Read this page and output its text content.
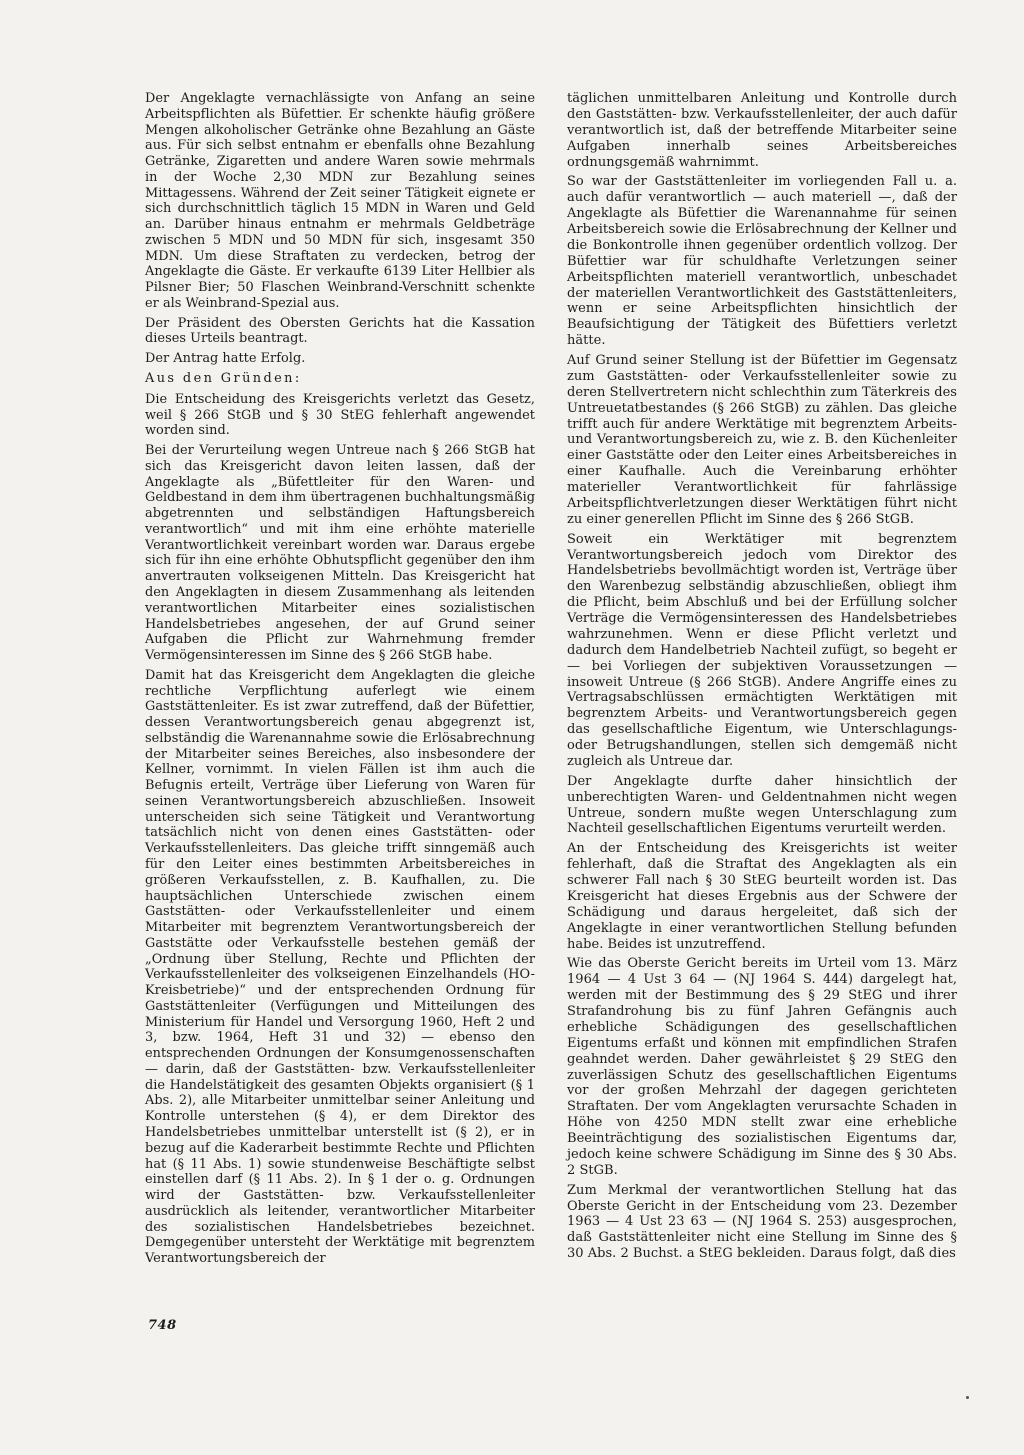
Der Angeklagte vernachlässigte von Anfang an seine Arbeitspflichten als Büfettier. Er schenkte häufig größere Mengen alkoholischer Getränke ohne Bezahlung an Gäste aus. Für sich selbst entnahm er ebenfalls ohne Bezahlung Getränke, Zigaretten und andere Waren sowie mehrmals in der Woche 2,30 MDN zur Bezahlung seines Mittagessens. Während der Zeit seiner Tätigkeit eignete er sich durchschnittlich täglich 15 MDN in Waren und Geld an. Darüber hinaus entnahm er mehrmals Geldbeträge zwischen 5 MDN und 50 MDN für sich, insgesamt 350 MDN. Um diese Straftaten zu verdecken, betrog der Angeklagte die Gäste. Er verkaufte 6139 Liter Hellbier als Pilsner Bier; 50 Flaschen Weinbrand-Verschnitt schenkte er als Weinbrand-Spezial aus.

Der Präsident des Obersten Gerichts hat die Kassation dieses Urteils beantragt.

Der Antrag hatte Erfolg.

Aus den Gründen:

Die Entscheidung des Kreisgerichts verletzt das Gesetz, weil § 266 StGB und § 30 StEG fehlerhaft angewendet worden sind.

Bei der Verurteilung wegen Untreue nach § 266 StGB hat sich das Kreisgericht davon leiten lassen, daß der Angeklagte als „Büfettleiter für den Waren- und Geldbestand in dem ihm übertragenen buchhaltungsmäßig abgetrennten und selbständigen Haftungsbereich verantwortlich“ und mit ihm eine erhöhte materielle Verantwortlichkeit vereinbart worden war. Daraus ergebe sich für ihn eine erhöhte Obhutspflicht gegenüber den ihm anvertrauten volkseigenen Mitteln. Das Kreisgericht hat den Angeklagten in diesem Zusammenhang als leitenden verantwortlichen Mitarbeiter eines sozialistischen Handelsbetriebes angesehen, der auf Grund seiner Aufgaben die Pflicht zur Wahrnehmung fremder Vermögensinteressen im Sinne des § 266 StGB habe.

Damit hat das Kreisgericht dem Angeklagten die gleiche rechtliche Verpflichtung auferlegt wie einem Gaststättenleiter. Es ist zwar zutreffend, daß der Büfettier, dessen Verantwortungsbereich genau abgegrenzt ist, selbständig die Warenannahme sowie die Erlösabrechnung der Mitarbeiter seines Bereiches, also insbesondere der Kellner, vornimmt. In vielen Fällen ist ihm auch die Befugnis erteilt, Verträge über Lieferung von Waren für seinen Verantwortungsbereich abzuschließen. Insoweit unterscheiden sich seine Tätigkeit und Verantwortung tatsächlich nicht von denen eines Gaststätten- oder Verkaufsstellenleiters. Das gleiche trifft sinngemäß auch für den Leiter eines bestimmten Arbeitsbereiches in größeren Verkaufsstellen, z. B. Kaufhallen, zu. Die hauptsächlichen Unterschiede zwischen einem Gaststätten- oder Verkaufsstellenleiter und einem Mitarbeiter mit begrenztem Verantwortungsbereich der Gaststätte oder Verkaufsstelle bestehen gemäß der „Ordnung über Stellung, Rechte und Pflichten der Verkaufsstellenleiter des volkseigenen Einzelhandels (HO-Kreisbetriebe)“ und der entsprechenden Ordnung für Gaststättenleiter (Verfügungen und Mitteilungen des Ministerium für Handel und Versorgung 1960, Heft 2 und 3, bzw. 1964, Heft 31 und 32) — ebenso den entsprechenden Ordnungen der Konsumgenossenschaften — darin, daß der Gaststätten- bzw. Verkaufsstellenleiter die Handelstätigkeit des gesamten Objekts organisiert (§ 1 Abs. 2), alle Mitarbeiter unmittelbar seiner Anleitung und Kontrolle unterstehen (§ 4), er dem Direktor des Handelsbetriebes unmittelbar unterstellt ist (§ 2), er in bezug auf die Kaderarbeit bestimmte Rechte und Pflichten hat (§ 11 Abs. 1) sowie stundenweise Beschäftigte selbst einstellen darf (§ 11 Abs. 2). In § 1 der o. g. Ordnungen wird der Gaststätten- bzw. Verkaufsstellenleiter ausdrücklich als leitender, verantwortlicher Mitarbeiter des sozialistischen Handelsbetriebes bezeichnet. Demgegenüber untersteht der Werktätige mit begrenztem Verantwortungsbereich der

täglichen unmittelbaren Anleitung und Kontrolle durch den Gaststätten- bzw. Verkaufsstellenleiter, der auch dafür verantwortlich ist, daß der betreffende Mitarbeiter seine Aufgaben innerhalb seines Arbeitsbereiches ordnungsgemäß wahrnimmt.

So war der Gaststättenleiter im vorliegenden Fall u. a. auch dafür verantwortlich — auch materiell —, daß der Angeklagte als Büfettier die Warenannahme für seinen Arbeitsbereich sowie die Erlösabrechnung der Kellner und die Bonkontrolle ihnen gegenüber ordentlich vollzog. Der Büfettier war für schuldhafte Verletzungen seiner Arbeitspflichten materiell verantwortlich, unbeschadet der materiellen Verantwortlichkeit des Gaststättenleiters, wenn er seine Arbeitspflichten hinsichtlich der Beaufsichtigung der Tätigkeit des Büfettiers verletzt hätte.

Auf Grund seiner Stellung ist der Büfettier im Gegensatz zum Gaststätten- oder Verkaufsstellenleiter sowie zu deren Stellvertretern nicht schlechthin zum Täterkreis des Untreuetatbestandes (§ 266 StGB) zu zählen. Das gleiche trifft auch für andere Werktätige mit begrenztem Arbeits- und Verantwortungsbereich zu, wie z. B. den Küchenleiter einer Gaststätte oder den Leiter eines Arbeitsbereiches in einer Kaufhalle. Auch die Vereinbarung erhöhter materieller Verantwortlichkeit für fahrlässige Arbeitspflichtverletzungen dieser Werktätigen führt nicht zu einer generellen Pflicht im Sinne des § 266 StGB.

Soweit ein Werktätiger mit begrenztem Verantwortungsbereich jedoch vom Direktor des Handelsbetriebs bevollmächtigt worden ist, Verträge über den Warenbezug selbständig abzuschließen, obliegt ihm die Pflicht, beim Abschluß und bei der Erfüllung solcher Verträge die Vermögensinteressen des Handelsbetriebes wahrzunehmen. Wenn er diese Pflicht verletzt und dadurch dem Handelbetrieb Nachteil zufügt, so begeht er — bei Vorliegen der subjektiven Voraussetzungen — insoweit Untreue (§ 266 StGB). Andere Angriffe eines zu Vertragsabschlüssen ermächtigten Werktätigen mit begrenztem Arbeits- und Verantwortungsbereich gegen das gesellschaftliche Eigentum, wie Unterschlagungs- oder Betrugshandlungen, stellen sich demgemäß nicht zugleich als Untreue dar.

Der Angeklagte durfte daher hinsichtlich der unberechtigten Waren- und Geldentnahmen nicht wegen Untreue, sondern mußte wegen Unterschlagung zum Nachteil gesellschaftlichen Eigentums verurteilt werden.

An der Entscheidung des Kreisgerichts ist weiter fehlerhaft, daß die Straftat des Angeklagten als ein schwerer Fall nach § 30 StEG beurteilt worden ist. Das Kreisgericht hat dieses Ergebnis aus der Schwere der Schädigung und daraus hergeleitet, daß sich der Angeklagte in einer verantwortlichen Stellung befunden habe. Beides ist unzutreffend.

Wie das Oberste Gericht bereits im Urteil vom 13. März 1964 — 4 Ust 3 64 — (NJ 1964 S. 444) dargelegt hat, werden mit der Bestimmung des § 29 StEG und ihrer Strafandrohung bis zu fünf Jahren Gefängnis auch erhebliche Schädigungen des gesellschaftlichen Eigentums erfaßt und können mit empfindlichen Strafen geahndet werden. Daher gewährleistet § 29 StEG den zuverlässigen Schutz des gesellschaftlichen Eigentums vor der großen Mehrzahl der dagegen gerichteten Straftaten. Der vom Angeklagten verursachte Schaden in Höhe von 4250 MDN stellt zwar eine erhebliche Beeinträchtigung des sozialistischen Eigentums dar, jedoch keine schwere Schädigung im Sinne des § 30 Abs. 2 StGB.

Zum Merkmal der verantwortlichen Stellung hat das Oberste Gericht in der Entscheidung vom 23. Dezember 1963 — 4 Ust 23 63 — (NJ 1964 S. 253) ausgesprochen, daß Gaststättenleiter nicht eine Stellung im Sinne des § 30 Abs. 2 Buchst. a StEG bekleiden. Daraus folgt, daß dies

748
